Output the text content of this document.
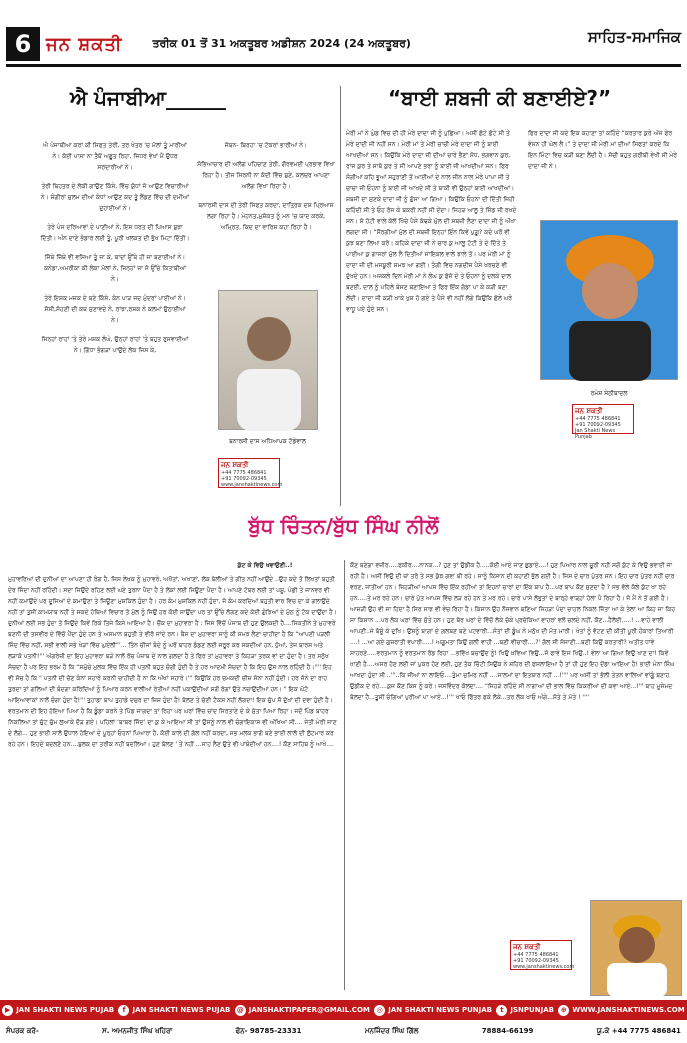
6 ਜਨ ਸ਼ਕਤੀ	ਤਰੀਕ 01 ਤੋਂ 31 ਅਕਤੂਬਰ ਅਡੀਸ਼ਨ 2024 (24 ਅਕਤੂਬਰ)	ਸਾਹਿਤ-ਸਮਾਜਿਕ
ਐ ਪੰਜਾਬੀਆ______

ਐ ਪੰਜਾਬੀਆ ਕਰਾਂ ਕੀ ਸਿਫਤ ਤੇਰੀ, ਤਰ ਖੇਤਰ 'ਚ ਮੱਲਾਂ ਤੂੰ ਮਾਰੀਆਂ ਨੇ। ਕੋਈ ਪਾਸਾ ਨਾ ਤੈਥੋਂ ਅਛੂਤ ਰਿਹਾ, ਜਿਧਰ ਵੇਖਾਂ ਮੈਂ ਉਧਰ ਸਰਦਾਰੀਆਂ ਨੇ।

ਤੇਰੀ ਬਿਹਤਰ ਦੇ ਲੋਕੀ ਗਾਉਣ ਕਿੱਸੇ, ਵਿੱਚ ਯੁੱਧਾਂ ਜੋ ਆਉਣ ਵਿਚਾਰੀਆਂ ਨੇ। ਜੰਗੀਰਾਂ ਜ਼ੁਲਮ ਦੀਆਂ ਕੰਧਾਂ ਆਉਣ ਕਦ ਤੂੰ ਲੈਂਡਣ ਵਿੱਚ ਦੀ ਦਮੀਆਂ ਦੁਹਾਈਆਂ ਨੇ।

ਤੇਰੇ ਪੰਜ ਦਰਿਆਵਾਂ ਦੇ ਪਾਣੀਆਂ ਨੇ, ਇਸ ਧਰਤ ਦੀ ਪਿਆਸ ਬੁਝਾ ਦਿੱਤੀ। ਅੰਨ ਦਾਣੇ ਭੰਡਾਰ ਲਈ ਤੂੰ, ਪੂਰੀ ਖਲਕਤ ਦੀ ਭੁੱਖ ਮਿਟਾ ਦਿੱਤੀ।

ਜਿੱਥੇ ਜਿੱਥੇ ਵੀ ਵਸਿਆ ਤੂੰ ਜਾ ਕੇ, ਬਾਦਾਂ ਉੱਥੇ ਹੀ ਜਾ ਬਣਾਈਆਂ ਨੇ। ਕਨੇਡਾ,ਅਮਰੀਕਾ ਕੀ ਲੰਕਾ ਮੱਲਾਂ ਨੇ, ਜਿਨ੍ਹਾਂ ਜਾ ਜੋ ਉੱਚੇ ਕਿਤਾਬੀਆਂ ਨੇ।

ਤੇਰੇ ਇਸ਼ਕ ਮਜ਼ਕ ਦੇ ਬਣੇ ਕਿੱਸੇ, ਕੰਨ ਪਾੜ ਜਦ ਮੁੰਦਰਾਂ ਪਾਈਆਂ ਨੇ। ਸੱਸੀ,ਸੋਹਣੀ ਦੀ ਕਥ ਸੁਣਾਵਦੇ ਨੇ, ਰਾਂਝਾ,ਰਸ਼ਕ ਨੇ ਕਲਮਾਂ ਉਠਾਈਆਂ ਨੇ।

ਜਿਨ੍ਹਾਂ ਰਾਹਾਂ 'ਤੇ ਤੇਰੇ ਮਸ਼ਕ ਲੰਘੇ, ਉਨ੍ਹਾਂ ਰਾਹਾਂ 'ਤੇ ਬਹੁਤ ਰੁਸਵਾਈਆਂ ਨੇ। ਗਿੱਧਾ ਭੰਗੜਾ ਪਾਉਂਦੇ ਲੋਕ ਜਿਸ ਕੇ,

ਜੋਬਨ- ਬਿਰਹਾ 'ਚ ਟੱਕਰਾਂ ਭਾਰੀਆਂ ਨੇ।

ਸੱਭਿਆਚਾਰ ਦੀ ਅਲੱਗ ਪਹਿਚਾਣ ਤੇਰੀ, ਗੌਰਵਮਈ ਪ੍ਰਭਾਵ ਵਿਖਾ ਰਿਹਾ ਹੈ। ਤੀਜ ਸਿਰਨੀ ਨਾ ਕੱਦੀ ਵਿੱਚ ਬੁਣੇ, ਕਲਚਰ ਆਪਣਾ ਅਲੱਗ ਵਿਖਾ ਰਿਹਾ ਹੈ।

ਬਨਾਰਸੀ ਦਾਸ ਦੀ ਤੇਰੀ ਸਿਫਤ ਕਰਦਾ, ਦਾਤ੍ਰਿਕ ਦਸ਼ ਪ੍ਰਿਆਸ ਲਗਾ ਰਿਹਾ ਹੈ। ਮੇਹਨਤ,ਮੁਸ਼ੱਕਤ ਨੂੰ ਮਨ 'ਚ ਯਾਦ ਕਰਕੇ, ਅਮ੍ਰਿਤ, ਕਿਦ ਦਾ ਵਾਰਿਸ ਕਹਾ ਰਿਹਾ ਹੈ।

ਬਨਾਰਸੀ ਦਾਸ ਅਧਿਆਪਕ ਟੱਡੇਵਾਲ
ਜਨ ਸ਼ਕਤੀ
+44 7775 486841
+91 70092-09345
www.janshaktinews.com
“ਬਾਈ ਸ਼ਬਜੀ ਕੀ ਬਣਾਈਏ?”

ਮੇਰੀ ਮਾਂ ਨੇ ਘੁੰਡ ਵਿਚ ਦੀ ਹੀ ਮੇਰੇ ਦਾਦਾ ਜੀ ਨੂੰ ਪੁਛਿਆ। ਅਸੀਂ ਛੋਟੇ ਛੋਟੇ ਸੀ ਤੇ ਮੇਰੇ ਦਾਦੀ ਜੀ ਨਹੀਂ ਸਨ। ਮੇਰੀ ਮਾਂ ਤੇ ਮੇਰੀ ਚਾਚੀ ਮੇਰੇ ਦਾਦਾ ਜੀ ਨੂੰ ਬਾਈ ਆਖਦੀਆਂ ਸਨ। ਕਿਉਂਕਿ ਮੇਰੇ ਦਾਦਾ ਜੀ ਦੀਆਂ ਚਾਰੇ ਭੈਣਾਂ ਸੋਧ, ਭਗਵਾਨ ਕੁਰ, ਰਾਜ ਕੁਰ ਤੇ ਸਾਬੋ ਕੁਰ ਤੇ ਸੀ ਆਪਣੇ ਭਰਾ ਨੂੰ ਬਾਈ ਜੀ ਆਖਦੀਆਂ ਸਨ। ਫਿਰ ਸੰਗੀਆਂ ਕਹਿ ਭੂਆਂ ਸਹੁਰਾਣੀ ਤੋਂ ਆਈਆਂ ਦੇ ਨਾਲ ਜੀਨ ਨਾਲ ਮੇਰੇ ਪਾਪਾ ਜੀ ਤੇ ਚਾਚਾ ਜੀ ਓਹਨਾ ਨੂੰ ਬਾਈ ਜੀ ਆਖਦੇ ਸੀ ਤੇ ਬਾਕੀ ਵੀ ਉਨ੍ਹਾਂ ਬਾਈ ਆਖਦੀਆਂ। ਸ਼ਬਜੀ ਦਾ ਸੁਣਕੇ ਦਾਦਾ ਜੀ ਨੂੰ ਗੁੱਸਾ ਆ ਗਿਆ। ਕਿਉਂਕਿ ਓਹਨਾ ਦੀ ਦਿੱਤੀ ਜਿਹੀ ਕਹਿੰਦੀ ਸੀ ਤੇ ਓਹ ਰੱਜ ਕੇ ਬਕਰੀ ਨਹੀਂ ਸੀ ਦੇਂਦਾ। ਜਿਹੜ ਆਲੂ ਤੇ ਜਿੰਡ ਜੀ ਰਖਦੇ ਸਨ। ਸੋ ਹੱਟੀ ਵਾਲੇ ਕੋਲੋਂ ਖਿੱਚੇ ਪੈਸੇ ਕੱਢਕੇ ਮੁੱਲ ਦੀ ਸਬਜ਼ੀ ਲੈਣਾ ਦਾਦਾ ਜੀ ਨੂੰ ਔਖਾ ਲਗਦਾ ਸੀ। “ਸੌਰਗੀਆਂ ਮੁੱਲ ਦੀ ਸਬਜ਼ੀ ਇਨ੍ਹਾਂ ਇੰਨ ਕਿਵੇਂ ਪੁਗ਼ੂ? ਕਦੇ ਘਰੋਂ ਵੀ ਕੁਝ ਬਣਾ ਲਿਆ ਕਰੋ। ਕਹਿਕੇ ਦਾਦਾ ਜੀ ਨੇ ਚਾਰ ਕੁ ਆਲੂ ਟੱਟੀ ਤੇ ਦੇ ਦਿੱਤੇ ਤੇ ਪਾਈਆ ਕੁ ਗਾਜਰਾਂ ਮੁੱਲ ਲੈ ਦਿਤੀਆਂ ਸਾਇਕਲ ਵਾਲੇ ਝਾਲੇ ਤੋਂ। ਪਰ ਮੇਰੀ ਮਾਂ ਨੂੰ ਦਾਦਾ ਜੀ ਦੀ ਮਜਬੂਰੀ ਸਮਝ ਆ ਗਈ। ਤੰਗੀ ਵਿਚ ਨਗਦੀਜ ਪੈਸੇ ਖਰਚਣੇ ਵੀ ਦੁੱਖਦੇ ਹਨ। ਅਜਕਲੇ ਦਿਨ ਮੇਰੀ ਮਾਂ ਨੇ ਲੰਘ ਕੁ ਫੋਜੋ ਦੇ ਤੇ ਓਹਨਾ ਨੂੰ ਦਲਕੇ ਦਾਲ ਬਣਈ, ਦਾਲ ਨੂੰ ਪਹਿਲੇ ਬੇਸਣ ਬਣਾਇਆ ਤੇ ਫਿਰ ਇੱਕ ਗੱਡਾ ਪਾ ਕੇ ਕੜੀ ਬਣਾ ਲੇਂਦੀ। ਦਾਦਾ ਜੀ ਕੜੀ ਖਾਕੇ ਖੁਸ਼ ਹੋ ਗਏ ਤੇ ਪੈਸੇ ਵੀ ਨਹੀਂ ਲੱਗੇ ਕਿਉਂਕਿ ਛੋਲੇ ਘਰੇ ਵਾਧੂ ਪਏ ਹੁੰਦੇ ਸਨ।

ਫਿਰ ਦਾਦਾ ਜੀ ਕਦੇ ਇਕ ਕਹਾਣਾ ਤਾਂ ਕਹਿੰਦੇ “ਕਰਤਾਰ ਕੁਰੇ ਅੱਜ ਫੇਰ ਵੇਸਨ ਹੀ ਘੋਲ ਲੈ।” ਤੇ ਦਾਦਾ ਜੀ ਮੇਰੀ ਮਾਂ ਦੀਆਂ ਸਿਫਤਾਂ ਕਰਦੇ ਕਿ ਇਨ ਮਿੰਟਾ ਵਿਚ ਕੜੀ ਬਣਾ ਲੈਂਦੀ ਹੈ। ਸੱਚੀ ਬਹੁਤ ਗਰੀਬੀ ਵੇਖੀ ਸੀ ਮੇਰੇ ਦਾਦਾ ਜੀ ਨੇ।

ਰਮੇਸ਼ ਸੇਠੀਬਾਦਲ
ਜਨ ਸ਼ਕਤੀ
+44 7775 486841
+91 70092-09345
Jan Shakti News Punjab
ਬੁੱਧ ਚਿੰਤਨ/ਬੁੱਧ ਸਿੰਘ ਨੀਲੋਂ
ਕੁੱਟ ਕੇ ਵਿਉ ਖਵਾਉਣੀ..!

ਮੁਹਾਵਰਿਆਂ ਦੀ ਦੁਨੀਆਂ ਦਾ ਆਪਣਾ ਹੀ ਰੰਗ ਹੈ, ਜਿਸ ਲੇਖਕ ਨੂੰ ਮੁਹਾਵਰੇ, ਅਖੌਤਾਂ, ਅਖਾਣਾਂ, ਲੋਕ ਬੋਲੀਆਂ ਤੇ ਗੀਤ ਨਹੀਂ ਆਉਂਦੇ ..ਉਹ ਕਦੇ ਤੋ ਲਿਖਤਾਂ ਬਹੁਤੀ ਦੇਰ ਜਿੰਦਾ ਨਹੀਂ ਰਹਿੰਦੀ। ਸਦਾ ਜਿਉਂਦੇ ਰਹਿਣ ਲਈ ਘਣੇ ਤੁਰਨਾ ਪੈਂਦਾ ਹੈ ਤੇ ਲੋਕਾਂ ਲਈ ਜਿਊਣਾ ਪੈਂਦਾ ਹੈ। ਆਪਣੇ ਟੱਬਰ ਲਈ ਤਾਂ ਪਸ਼ੂ, ਪੰਛੀ ਤੇ ਜਾਨਵਰ ਵੀ ਨਹੀਂ ਕਮਾਉਂਦੇ ਪਰ ਦੂਜਿਆਂ ਦੇ ਕਮਾਉਣਾ ਤੇ ਜਿਊਣਾ ਮੁਸ਼ਕਿਲ ਹੁੰਦਾ ਹੈ। ਹਰ ਕੰਮ ਮੁਸ਼ਕਿਲ ਨਹੀਂ ਹੁੰਦਾ, ਜੋ ਕੰਮ ਕਰਦਿਆਂ ਬਹੁਤੀ ਵਾਰ ਵਿਚ ਦਾ ਕੇ ਗਲਾਉਂਦੇ ਨਹੀਂ ਤਾਂ ਤੁਸੀਂ ਕਾਮਯਾਬ ਨਹੀਂ ਤੇ ਸਕਦੇ ਹੱਥਿਆਂ ਵਿਚਾਰ ਤੋ ਮੁੱਲ ਨੂੰ ਜਿਉਂ ਹਰ ਕੋਈ ਸਾਉਂਦਾ ਪਰ ਤਾਂ ਉੱਚੇ ਲੱਗਣ ਕਦੇ ਕੋਈ ਗੁੰਝਿਆਂ ਦੇ ਮੁੱਠ ਨੂੰ ਟੱਕ ਦਾਉਂਦਾ ਹੈ। ਦੁਨੀਆਂ ਲਈ ਸਭ ਹੁੰਦਾ ਤੋ ਜਿਉਂਦੇ ਕਿਵੇਂ ਰਿਕੇ ਤਿਜੇ ਕਿਸੇ ਆਇਆ ਹੈ। ਚੌਂਕ ਦਾ ਮੁਹਾਵਰਾ ਹੈ : ਜਿਸ ਵਿੱਚੋਂ ਪੰਜਾਬ ਦੀ ਹੁਣ ਉਲਕਦੀ ਹੈ....ਸਿਕਤੀਨੇ ਤੇ ਮੁਹਾਵਰੇ ਬਣਨੀ ਦੀ ਤਸਵੀਰ ਦੇ ਵਿੱਚੋਂ ਪੈਂਦਾ ਹੁੰਦੇ ਹਨ ਤੇ ਅਸਮਾਨ ਬਹੁਤੀ ਤੇ ਵੀਰੋ ਜਾਂਦੇ ਰਨ। ਬੈਸ ਦਾ ਮੁਹਾਵਰਾ ਸਾਨੂੰ ਕੀ ਸਮਝ ਲੈਣਾ ਚਾਹੀਦਾ ਹੈ ਕਿ “ਆਪਣੀ ਪੜਲੀ ਜਿੰਦ ਵਿੱਚ ਨਹੀਂ, ਸਭੀ ਵਾਲੀ ਸਭੇ ਖੇੜਾਂ ਵਿੱਚ ਘੁਏਲੀ”'... ਤਿੰਨ ਚੀਜਾਂ ਬੰਦੇ ਨੂੰ ਘਰੋਂ ਬਾਹਰ ਡੰਡਣ ਲਈ ਜਰੂਰ ਕਰ ਸਕਦੀਆਂ ਹਨ, ਧੁੱਆਂ, ਤੇਜ ਬਾਰਸ਼ ਅਤੇ ਲੜਾਕੋ ਪਤਨੀ!''' ਅੱਗਰੇਜ਼ੀ ਦਾ ਇਹ ਮੁਹਾਵਰਾ ਬੜੇ ਨਾਲੋਂ ਰੋਂਚ ਪੰਜਾਬ ਦੇ ਨਾਲ ਗਲਦਾ ਹੈ ਤੇ ਫਿਰ ਤਾਂ ਮੁਹਾਵਰਾ ਤੇ ਕਿਹੜਾ ਤਰਕ ਵਾਂ ਦਾ ਹੁੰਦਾ ਹੈ। ਤਰ ਸਨੁੱਖ ਸੋਚਦਾ ਹੈ ਪਰ ਇਹ ਭਰਮ ਹੈ ਕਿ “ਸਮੁੱਚੇ ਮੁਲਕ ਵਿੱਚ ਇੱਕ ਹੀ ਪਤਨੀ ਬਹੁਤ ਚੰਗੀ ਹੁੰਦੀ ਹੈ ਤੇ ਹਰ ਆਦਮੀ ਸੋਚਦਾ ਹੈ ਕਿ ਇਹ ਉਸ ਨਾਲ ਰਹਿੰਦੀ ਹੈ।'''' ਇਹ ਵੀ ਸੱਚ ਹੈ ਕਿ " ਪਤਨੀ ਦੀ ਚੋਣ ਕੰਨਾਂ ਸਹਾਰੇ ਕਰਨੀ ਚਾਹੀਦੀ ਹੈ ਨਾ ਕਿ ਅੱਖਾਂ ਸਹਾਰੇ।''' ਕਿਉਂਕਿ ਹਰ ਚਮਕਦੀ ਚੀਜ਼ ਸੋਨਾ ਨਹੀਂ ਹੁੰਦੀ। ਹਰ ਜੋਨੇ ਦਾ ਰਾਹ ਤੁਰਦਾ ਤਾਂ ਗਲਿਆਂ ਦੀ ਬੰਦਗਾ ਕਰਿਦਿਆਂ ਨੂੰ ਪਿਆਰ ਕਰਨ ਵਾਲੀਆਂ ਰੇਤੀਆਂ ਨਹੀਂ ਪਕਾਉਂਦੀਆਂ ਸਗੋਂ ਰੋਗਾਂ ਉਤੇ ਨਚਾਉਂਦੀਆਂ ਹਨ। " ਇਕ ਘੱਟੋ ਆਇਆਵਾਕਾਂ ਨਾਲੋਂ ਚੰਗਾ ਹੁੰਦਾ ਹੈ!''' ਤੁਹਾਡਾ ਬਾਪ ਤੁਹਾਡੇ ਦਜ਼ੁਰ ਦਾ ਜ਼ਿਸ਼ ਹੁੰਦਾ ਹੈ! ਬੋਲਣ ਤੇ ਚੋਣੀ ਟੈਕਸ ਨਹੀਂ ਲੱਗਦਾ! ਇਕ ਚੁੱਪ ਸੌ ਦੁੱਖਾਂ ਦੀ ਦਵਾ ਹੁੰਦੀ ਹੈ। ਵਰਤਮਾਨ ਦੀ ਇਹ ਹੋਇਆ ਪਿਆ ਹੈ ਕਿ ਡੂੰਡਾ ਕਰਨੇ ਤੇ ਪਿੱਡ ਜਾਗਦਾ ਤਾਂ ਰਿਹਾ ਪਰ ਘਰਾਂ ਵਿੱਚ ਚਾਂਦ ਸਿਰਤਾਣੇ ਦੇ ਕੇ ਸੁੱਤਾ ਪਿਆ ਰਿਹਾ। ਜਦੋਂ ਪਿੰਡ ਬਾਹਰ ਨਿਕਲਿਆ ਤਾਂ ਚੁੱਟ ਚੁੱਮ ਲੁਆਕੇ ਦੌੜ ਗਏ। ਪਹਿਲਾਂ ‘ਬਾਬਰ ਜਿੱਦ’ ਦਾ ਕੁ ਕੇ ਆਇਆ ਸੀ ਤਾਂ ਉਸਨੂੰ ਨਾਲ ਵੀ ਚੰਗਾਇਕਾਸ ਵੀ ਅੱਖਿਆ ਸੀ.... ਜੇਤੀ ਮੇਰੀ ਜਾਣ ਦੇ ਲੱਗੇ... ਹੁਣ ਭਾਈ ਸਾਲੋ ਉਧਾਲ ਹੋਇਆ ਦੇ ਪੂਰ੍ਹਾਂ ਓਹਨਾਂ ਪਿਆਰਾ ਹੈ, ਕੋਈ ਕਾਲੇ ਦੀ ਗੱਲ ਨਹੀਂ ਕਰਦਾ, ਸਭ ਮਲਕ ਭਾਗੋ ਬਣੇ ਭਾਈ ਲਾਲੋ ਦੀ ਲੁੱਟਮਾਰ ਕਰ ਰਹੇ ਹਨ। ਇਹਦੇ ਬਦਲਣੋ ਹਨ....ਬੁਲਕ ਦਾ ਤਰੀਕ ਨਹੀਂ ਬਦਲਿਆ। ਹੁਣ ਬੋਲਣ ' ਤੇ ਨਹੀਂ ...ਸਾਹ ਲੈਣ ਉਤੇ ਵੀ ਪਾਬੰਦੀਆਂ ਹਨ....! ਕੌਣ ਸਾਹਿਬ ਨੂੰ ਆਖੇ....

ਕੌਣ ਬਣੇਗਾ ਵਜ਼ੀਰ.....ਫਕੀਰ....ਨਾਨਕ...? ਹੁਣ ਤਾਂ ਉਡੀਕ ਹੈ.....ਕੋਈ ਆਏ ਜਾਣ ਛੁਡਾਏ....! ਹੁਣ ਪਿਆਰ ਨਾਲ ਚੂਰੀ ਨਹੀਂ ਸਗੋਂ ਕੁੱਟ ਕੇ ਵਿਉ ਭਵਾਈ ਜਾ ਰਹੀ ਹੈ। ਅਸੀਂ ਵਿਉ ਦੀ ਥਾਂ ਤਰੋ ਤੇ ਸਭ ਕੁੱਝ ਗਵਾ ਬੀ ਰਹੇ। ਸਾਨੂੰ ਕਿਸਾਨ ਦੀ ਕਹਾਣੀ ਭੁੱਲ ਗਈ ਹੈ। ਜਿਸ ਦੇ ਚਾਰ ਪੁੱਤਰ ਸਨ। ਇਹ ਚਾਰ ਪੁੱਤਰ ਨਹੀਂ ਚਾਰ ਵਰਣ, ਜਾਤੀਆਂ ਹਨ। ਜਿਹੜੀਆਂ ਆਪਸ ਵਿੱਚ ਇੱਕ ਰਹੀਆਂ ਤਾਂ ਇਹਨਾਂ ਚਾਰਾਂ ਦਾ ਇੱਕ ਬਾਪ ਹੈ...ਪਰ ਬਾਪ ਕੌਣ ਸੁਣਦਾ ਹੈ ? ਸਭ ਵੱਲੇ ਕੱਲੇ ਕੁੱਟ ਖਾ ਰਹੇ ਹਨ.....ਤੇ ਮਰ ਰਹੇ ਹਨ। ਚਾਰੇ ਪੁੱਤ ਆਪਸ ਵਿੱਚ ਲੜ ਰਹੇ ਹਨ ਤੇ ਮਰ ਰਹੇ। ਚਾਰੇ ਪਾਸੇ ਲੋਭੁਤਾਂ ਦੇ ਬਾਰ੍ਹੇ ਵਾੜ੍ਹਾਂ ਹੋਲਾ ਪੈ ਰਿਹਾ ਹੈ। ਜੋ ਮੈਂ ਨੇ ਤੋਂ ਗਈ ਹੈ। ਆਜੜੀ ਉਹ ਵੀ ਸਾ ਹਿਦਾ ਹੈ ਸਿਰ ਸਾਝ ਵੀ ਵੇਚ ਰਿਹਾ ਹੈ। ਕਿਸਾਨ ਉਹ ਨੌਜਵਾਨ ਬਣਿਆ ਜਿਹੜਾ ਪੰਦਾ ਚਾਹਲ ਨਿਕਲ ਜਿੱਤਾ ਆ ਕੇ ਤੇਲਾ ਆ ਕਿਹ ਜਾ ਕਿਹ ਸਾ ਕਿਸਾਨ ...ਪਰ ਲੋਕ ਘਰਾਂ ਵਿੱਚ ਸੁੱਤੇ ਹਨ। ਹੁਣ ਬੋਰ ਘਰਾਂ ਦੇ ਵਿੱਚੋਂ ਲੋਕੇ ਚੋਕੇ ਪ੍ਰਚੋਕਿਆ ਵਾਹਰਾਂ ਵਲੋਂ ਚਲਦੇ ਨਹੀਂ, ਕੌਣ...ਹੈਲੋਈ.....! ...ਵਾਹੇ ਵਾਲੀ ਆਪਣੀ..ਜੇ ਬੋਸੂੰ ਕੇ ਦੁਖਿ। ਉਸਨੂੰ ਬਾਗ਼ਾਂ ਦੇ ਗ਼ਲਬਣ ਬਣੇ ਪਟਵਾਰੀ...ਸੰਤਾਂ ਦੀ ਡੂੰਘ ਨੇ ਮਨੁੱਖ ਦੀ ਮੱਤ ਮਾਰੀ। ਖੇਤਾਂ ਨੂੰ ਵੱਟਣ ਦੀ ਕੀਤੀ ਪੂਰੀ ਹੰਕਾਰਾਂ ਤਿਆਰੀ ....! ...ਆ ਗਏ ਗੁਜ਼ਰਾਤੀ ਵਪਾਰੀ.....! ਅਗੂਮਤਾ ਕਿਉਂ ਗਲੀ ਵਾਹੀ ...ਬਣੀ ਵੀਚਾਰੀ....?' ਗੱਲ ਸੀ ਸੱਜਾਣੀ...ਬਣੀ ਕਿਉਂ ਕਰਤਾਰੀ? ਅਤੀਤ ਧਾਵੇ ਸਾਹਰਣੇ.....ਵਰਤਮਾਨ ਨੂੰ ਵਰਤਮਾਨ ਰੋਂਡ ਰਿਹਾ ...ਭਵਿੱਖ ਬਚਾਉਂਦ ਨੂੰ! ਖਿਉ ਖ਼ਵਿਆ ਵਿਉ...ਜੋ ਫਾਵੇ ਇਜ ਖਿਉ..! ਵੇਲਾ ਆ ਗਿਆ ਵਿਉ ਖਾਣ ਦਾ! ਕਿਵੇਂ ਖਾਣੀ ਹੈ....ਅਸਰ ਹੋਣ ਲਈ ਜਾਂ ਪੁਕਰ ਹੋਣ ਲਈ, ਹੁਣ ਤੱਕ ਚਿੱਟੀ ਸਿਉਂਕ ਨੇ ਸ਼ਹਿਰ ਦੀ ਫਸਲਾਇਆ ਹੈ ਤਾਂ ਹੀ ਹੁਣ ਇਹ ਦੋਂਡਾ ਆਇਆ ਹੈ! ਭਾਈ ਮੰਨਾ ਸਿੰਘ ਆਖਦਾ ਹੁੰਦਾ ਸੀ ..'''..ਕਿ ਜੀਆਂ ਨਾ ਲਾਇਓ....ਤੁੰਮਾ ਜੁਮਿਰ ਨਹੀਂ ....ਜਾਲਮਾਂ ਦਾ ਇਤਬਾਰ ਨਹੀਂ ...!'''' ਪਰ ਅਸੀਂ ਤਾਂ ਭੋਲੀ ਤੇਤਨ ਵਾਲਿਆਂ ਵਾਂਗੂੰ ਬਣਾਹ ਉਡੀਕ ਦੇ ਰਹੇ....ਕੁਜ ਕੌਣ ਕਿਸ ਨੂੰ ਕਰੇ। ਜਸਵਿੰਦਰ ਕੋਲਦਾ.... “ਜਿਹੜੇ ਰਹਿੰਦੇ ਸੀ ਨਾਗਾਆਂ ਦੀ ਭਾਲ ਵਿੱਚ ਕਿਕਰੀਆਂ ਦੀ ਕਵਾ ਆਏ...!''' ਬਾਹ ਮੂਸੇਮਦ ਬੋਲਦਾ ਹੈ...ਤੂਸੀਂ ਚੰਗਿਆਂ ਪੁਰੀਆਂ ਪਾ ਆਏ...!''' ਖਾਓ ਫਿੱਤਰ ਫਕੇ ਲੋਕੇ...ਤਰ ਲੋਕ ਖਾਓ ਅੰਗੇ...ਸੱਤੇ ਤੇ ਮੱਤੇ ! ''''

ਜਨ ਸ਼ਕਤੀ
+44 7775 486841
+91 70092-09345
www.janshaktinews.com
▶ JAN SHAKTI NEWS PUJAB	f JAN SHAKTI NEWS PUJAB @ JANSHAKTIPAPER@GMAIL.COM ◎ JAN SHAKTI NEWS PUNJAB	t JSNPUNJAB ⊕ WWW.JANSHAKTINEWS.COM
ਸੰਪਰਕ ਕਰੋ-	ਸ. ਅਮਨਜੀਤ ਸਿੰਘ ਖਹਿਰਾ	ਫੋਨ- 98785-23331	ਮਨਜਿੰਦਰ ਸਿੰਘ ਗਿੱਲ	78884-66199	ਯੂ.ਕੇ +44 7775 486841
